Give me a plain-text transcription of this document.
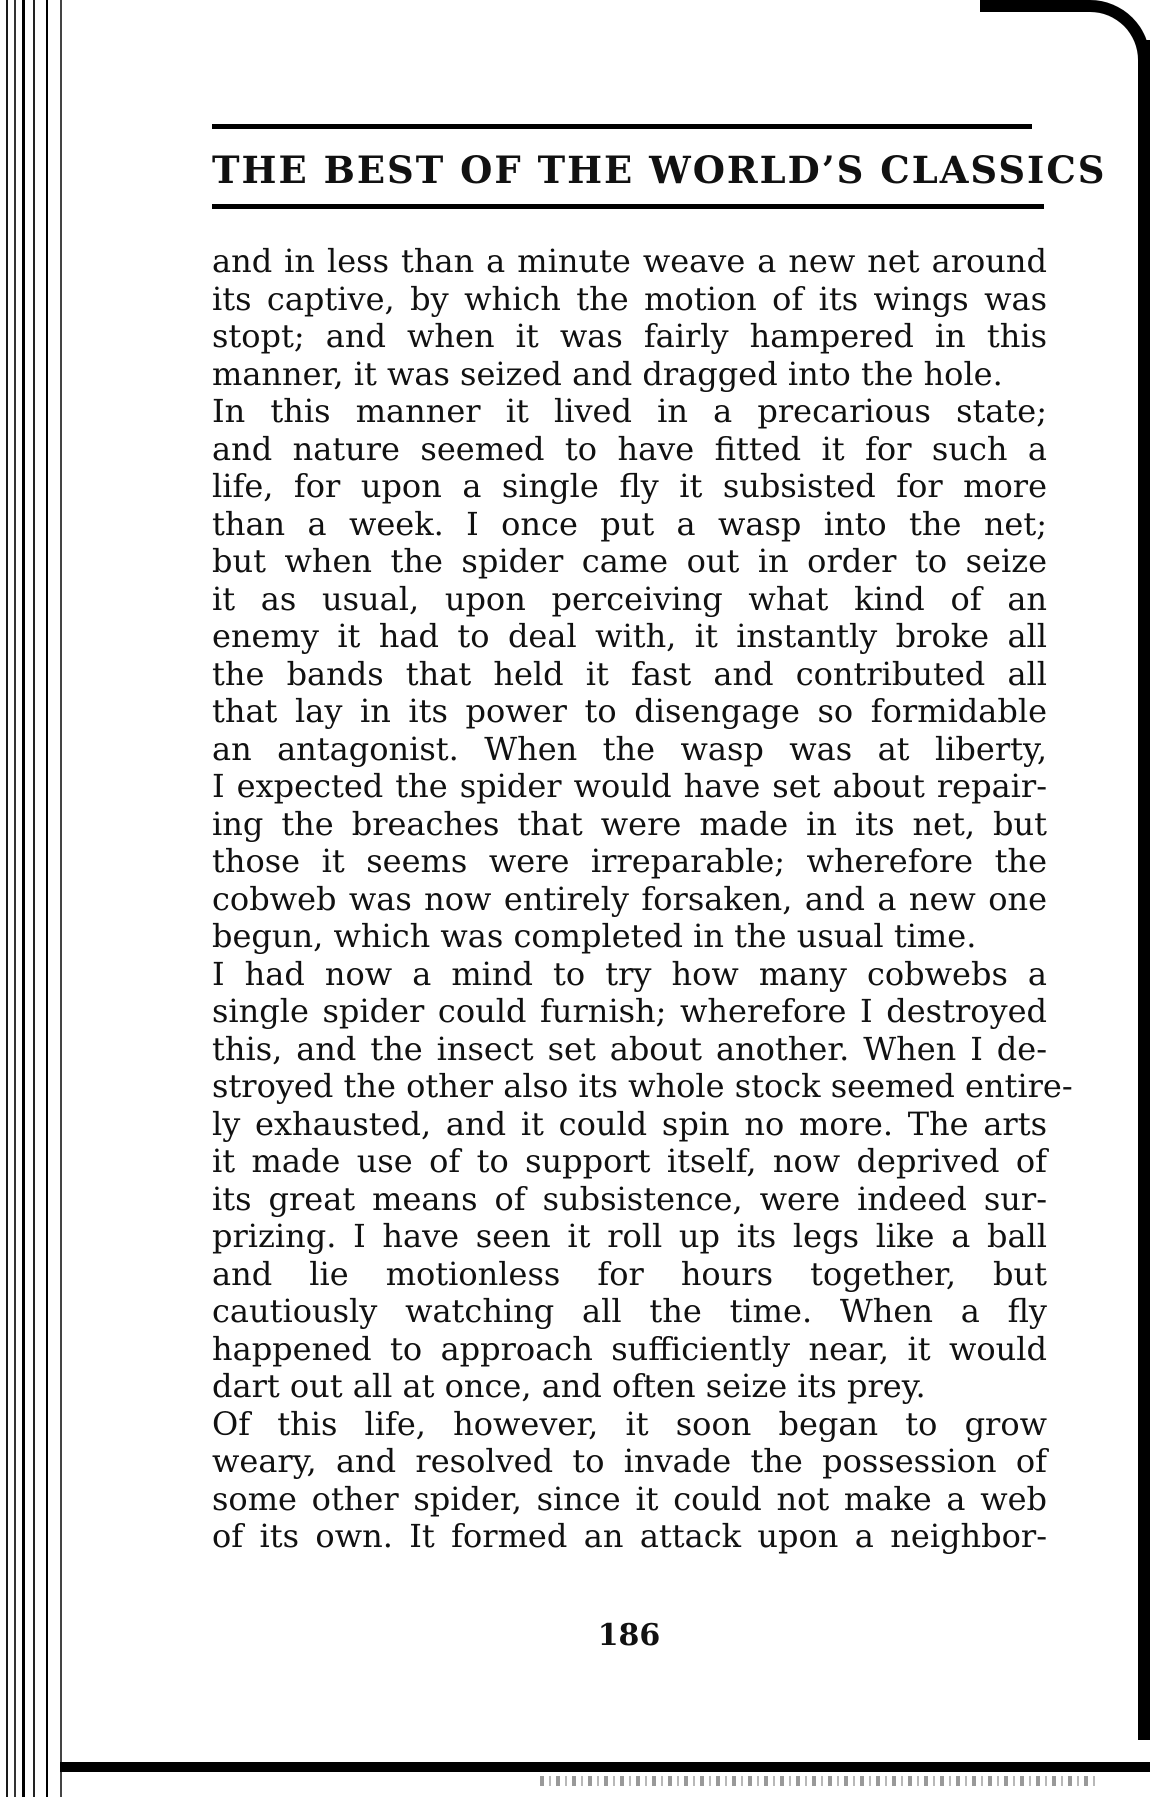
THE BEST OF THE WORLD’S CLASSICS
and in less than a minute weave a new net around
its captive, by which the motion of its wings was
stopt; and when it was fairly hampered in this
manner, it was seized and dragged into the hole.
In this manner it lived in a precarious state;
and nature seemed to have fitted it for such a
life, for upon a single fly it subsisted for more
than a week. I once put a wasp into the net;
but when the spider came out in order to seize
it as usual, upon perceiving what kind of an
enemy it had to deal with, it instantly broke all
the bands that held it fast and contributed all
that lay in its power to disengage so formidable
an antagonist. When the wasp was at liberty,
I expected the spider would have set about repair-
ing the breaches that were made in its net, but
those it seems were irreparable; wherefore the
cobweb was now entirely forsaken, and a new one
begun, which was completed in the usual time.
I had now a mind to try how many cobwebs a
single spider could furnish; wherefore I destroyed
this, and the insect set about another. When I de-
stroyed the other also its whole stock seemed entire-
ly exhausted, and it could spin no more. The arts
it made use of to support itself, now deprived of
its great means of subsistence, were indeed sur-
prizing. I have seen it roll up its legs like a ball
and lie motionless for hours together, but
cautiously watching all the time. When a fly
happened to approach sufficiently near, it would
dart out all at once, and often seize its prey.
Of this life, however, it soon began to grow
weary, and resolved to invade the possession of
some other spider, since it could not make a web
of its own. It formed an attack upon a neighbor-
186
